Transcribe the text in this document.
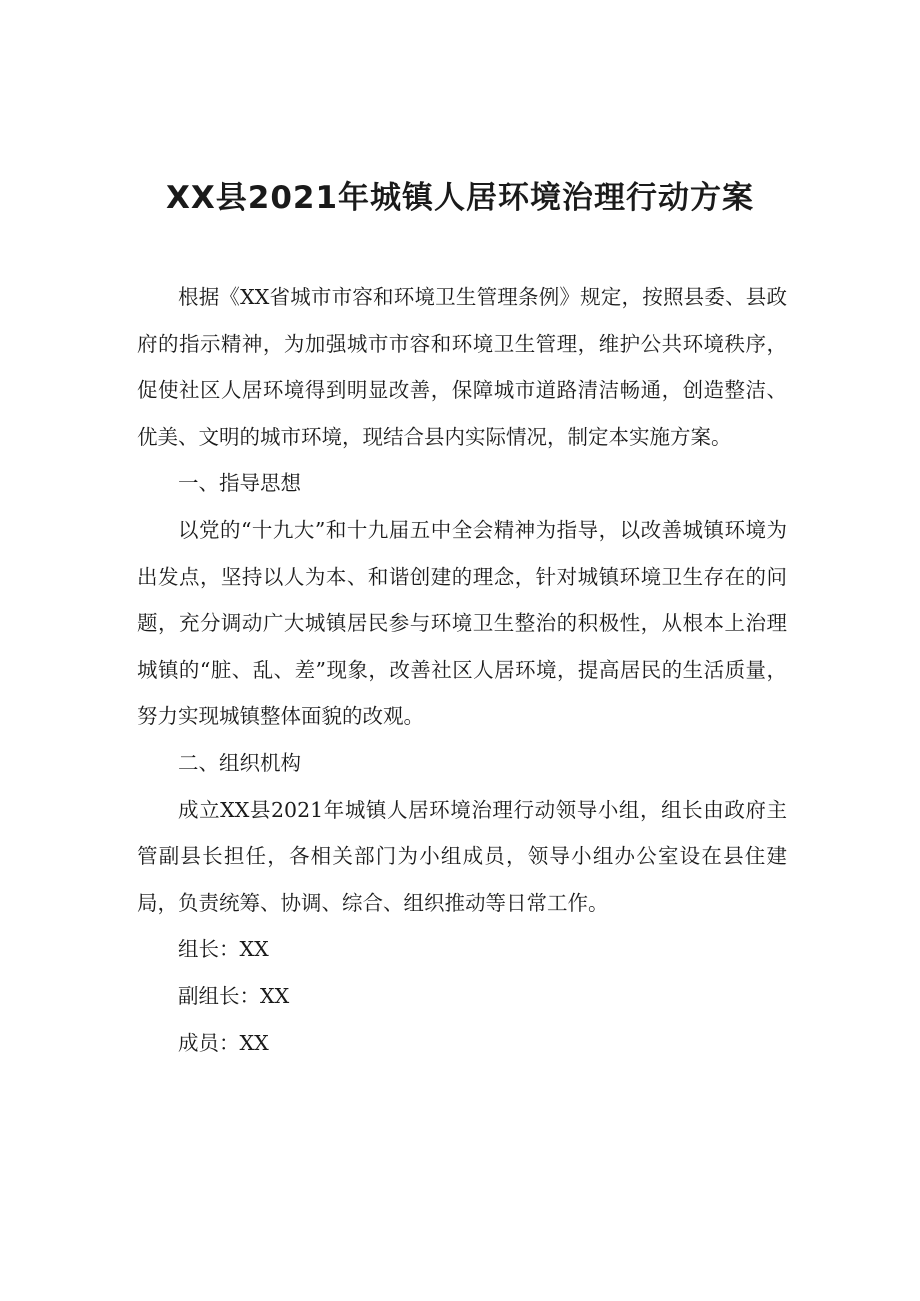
XX县2021年城镇人居环境治理行动方案

根据《XX省城市市容和环境卫生管理条例》规定，按照县委、县政府的指示精神，为加强城市市容和环境卫生管理，维护公共环境秩序，促使社区人居环境得到明显改善，保障城市道路清洁畅通，创造整洁、优美、文明的城市环境，现结合县内实际情况，制定本实施方案。

一、指导思想

以党的“十九大”和十九届五中全会精神为指导，以改善城镇环境为出发点，坚持以人为本、和谐创建的理念，针对城镇环境卫生存在的问题，充分调动广大城镇居民参与环境卫生整治的积极性，从根本上治理城镇的“脏、乱、差”现象，改善社区人居环境，提高居民的生活质量，努力实现城镇整体面貌的改观。

二、组织机构

成立XX县2021年城镇人居环境治理行动领导小组，组长由政府主管副县长担任，各相关部门为小组成员，领导小组办公室设在县住建局，负责统筹、协调、综合、组织推动等日常工作。

组长：XX

副组长：XX

成员：XX
